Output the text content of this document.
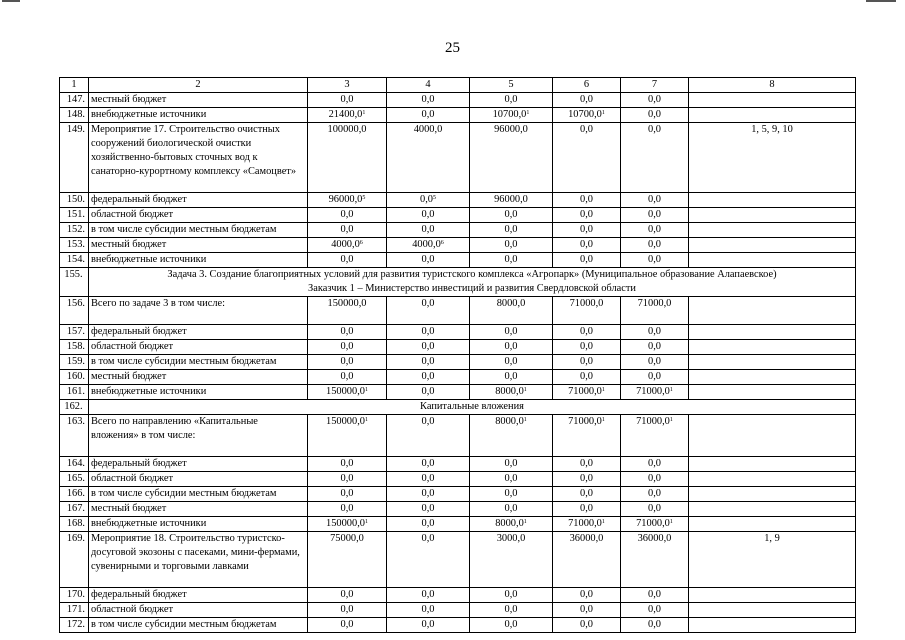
25
1	2	3	4	5	6	7	8
147.	местный бюджет	0,0	0,0	0,0	0,0	0,0	
148.	внебюджетные источники	21400,0$^1$	0,0	10700,0$^1$	10700,0$^1$	0,0	
149.	Мероприятие 17. Строительство очистных сооружений биологической очистки хозяйственно-бытовых сточных вод к санаторно-курортному комплексу «Самоцвет»	100000,0	4000,0	96000,0	0,0	0,0	1, 5, 9, 10
150.	федеральный бюджет	96000,0$^5$	$0,0^5$	96000,0	0,0	0,0	
151.	областной бюджет	0,0	0,0	0,0	0,0	0,0	
152.	в том числе субсидии местным бюджетам	0,0	0,0	0,0	0,0	0,0	
153.	местный бюджет	4000,0$^6$	4000,0$^6$	0,0	0,0	0,0	
154.	внебюджетные источники	0,0	0,0	0,0	0,0	0,0	
155.	Задача 3. Создание благоприятных условий для развития туристского комплекса «Агропарк» (Муниципальное образование Алапаевское)
Заказчик 1 – Министерство инвестиций и развития Свердловской области						

156.	Всего по задаче 3 в том числе:	150000,0	0,0	8000,0	71000,0	71000,0	
157.	федеральный бюджет	0,0	0,0	0,0	0,0	0,0	
158.	областной бюджет	0,0	0,0	0,0	0,0	0,0	
159.	в том числе субсидии местным бюджетам	0,0	0,0	0,0	0,0	0,0	
160.	местный бюджет	0,0	0,0	0,0	0,0	0,0	
161.	внебюджетные источники	150000,0$^1$	0,0	8000,0$^1$	71000,0$^1$	71000,0$^1$	
162.	Капитальные вложения						

163.	Всего по направлению «Капитальные вложения» в том числе:	150000,0$^1$	0,0	8000,0$^1$	71000,0$^1$	71000,0$^1$	
164.	федеральный бюджет	0,0	0,0	0,0	0,0	0,0	
165.	областной бюджет	0,0	0,0	0,0	0,0	0,0	
166.	в том числе субсидии местным бюджетам	0,0	0,0	0,0	0,0	0,0	
167.	местный бюджет	0,0	0,0	0,0	0,0	0,0	
168.	внебюджетные источники	150000,0$^1$	0,0	8000,0$^1$	71000,0$^1$	71000,0$^1$	
169.	Мероприятие 18. Строительство туристско-досуговой экозоны с пасеками, мини-фермами, сувенирными и торговыми лавками	75000,0	0,0	3000,0	36000,0	36000,0	1, 9
170.	федеральный бюджет	0,0	0,0	0,0	0,0	0,0	
171.	областной бюджет	0,0	0,0	0,0	0,0	0,0	
172.	в том числе субсидии местным бюджетам	0,0	0,0	0,0	0,0	0,0	
